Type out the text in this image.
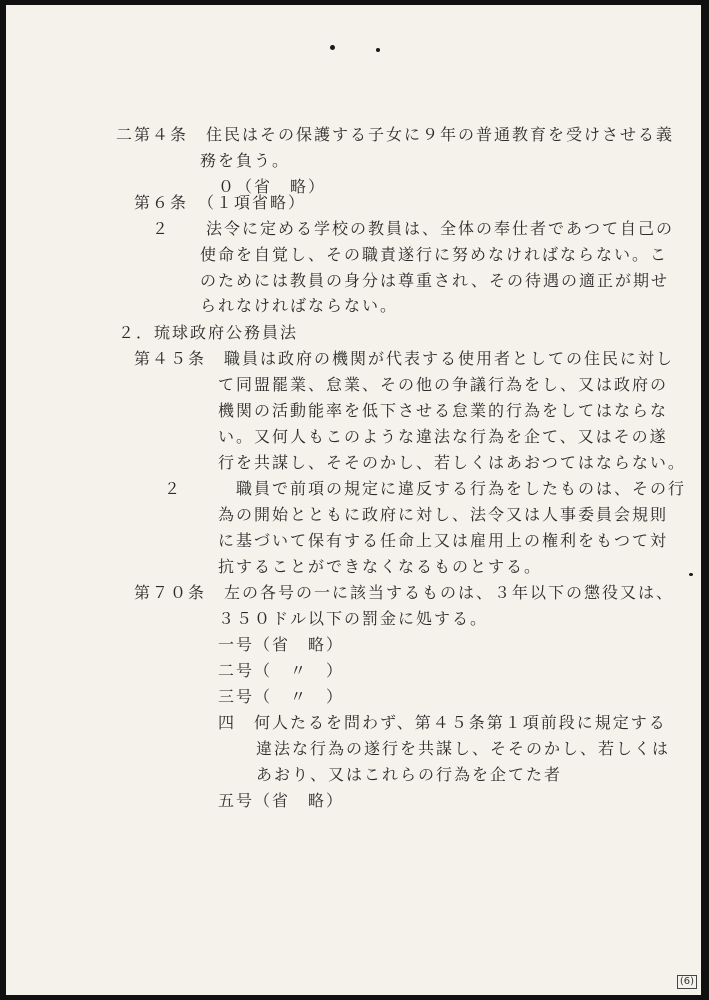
二第４条　住民はその保護する子女に９年の普通教育を受けさせる義
務を負う。
０（省　略）
第６条　（１項省略）
２　　法令に定める学校の教員は、全体の奉仕者であつて自己の
使命を自覚し、その職責遂行に努めなければならない。こ
のためには教員の身分は尊重され、その待遇の適正が期せ
られなければならない。
２．琉球政府公務員法
第４５条　職員は政府の機関が代表する使用者としての住民に対し
て同盟罷業、怠業、その他の争議行為をし、又は政府の
機関の活動能率を低下させる怠業的行為をしてはならな
い。又何人もこのような違法な行為を企て、又はその遂
行を共謀し、そそのかし、若しくはあおつてはならない。
２　　　職員で前項の規定に違反する行為をしたものは、その行
為の開始とともに政府に対し、法令又は人事委員会規則
に基づいて保有する任命上又は雇用上の権利をもつて対
抗することができなくなるものとする。
第７０条　左の各号の一に該当するものは、３年以下の懲役又は、
３５０ドル以下の罰金に処する。
一号（省　略）
二号（　〃　）
三号（　〃　）
四　何人たるを問わず、第４５条第１項前段に規定する
違法な行為の遂行を共謀し、そそのかし、若しくは
あおり、又はこれらの行為を企てた者
五号（省　略）
(6)
